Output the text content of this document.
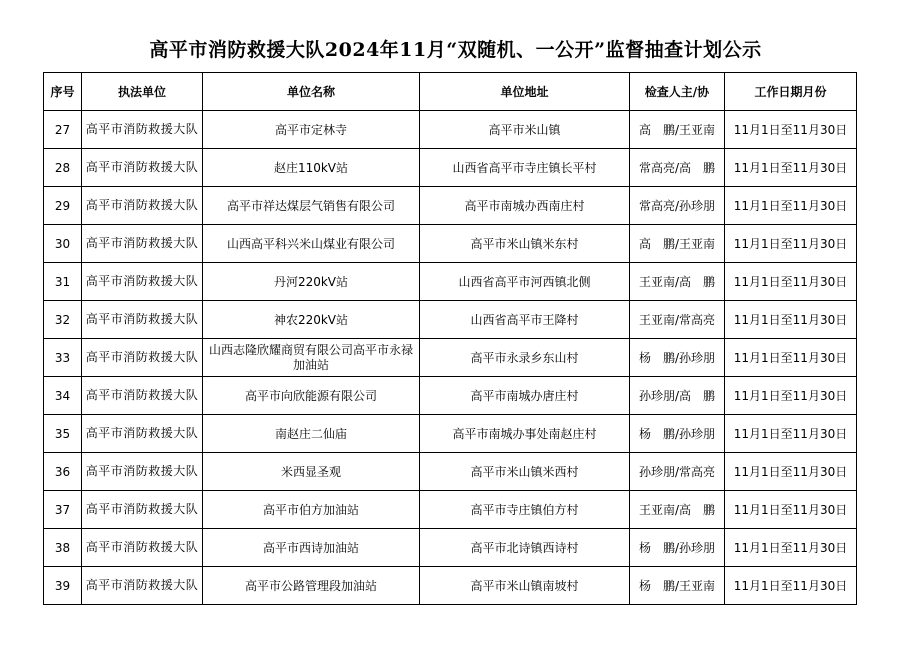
高平市消防救援大队2024年11月“双随机、一公开”监督抽查计划公示
序号	执法单位	单位名称	单位地址	检查人主/协	工作日期月份
27	高平市消防救援大队	高平市定林寺	高平市米山镇	高　鹏/王亚南	11月1日至11月30日
28	高平市消防救援大队	赵庄110kV站	山西省高平市寺庄镇长平村	常高亮/高　鹏	11月1日至11月30日
29	高平市消防救援大队	高平市祥达煤层气销售有限公司	高平市南城办西南庄村	常高亮/孙珍朋	11月1日至11月30日
30	高平市消防救援大队	山西高平科兴米山煤业有限公司	高平市米山镇米东村	高　鹏/王亚南	11月1日至11月30日
31	高平市消防救援大队	丹河220kV站	山西省高平市河西镇北侧	王亚南/高　鹏	11月1日至11月30日
32	高平市消防救援大队	神农220kV站	山西省高平市王降村	王亚南/常高亮	11月1日至11月30日
33	高平市消防救援大队	山西志隆欣耀商贸有限公司高平市永禄加油站	高平市永录乡东山村	杨　鹏/孙珍朋	11月1日至11月30日
34	高平市消防救援大队	高平市向欣能源有限公司	高平市南城办唐庄村	孙珍朋/高　鹏	11月1日至11月30日
35	高平市消防救援大队	南赵庄二仙庙	高平市南城办事处南赵庄村	杨　鹏/孙珍朋	11月1日至11月30日
36	高平市消防救援大队	米西显圣观	高平市米山镇米西村	孙珍朋/常高亮	11月1日至11月30日
37	高平市消防救援大队	高平市伯方加油站	高平市寺庄镇伯方村	王亚南/高　鹏	11月1日至11月30日
38	高平市消防救援大队	高平市西诗加油站	高平市北诗镇西诗村	杨　鹏/孙珍朋	11月1日至11月30日
39	高平市消防救援大队	高平市公路管理段加油站	高平市米山镇南坡村	杨　鹏/王亚南	11月1日至11月30日
